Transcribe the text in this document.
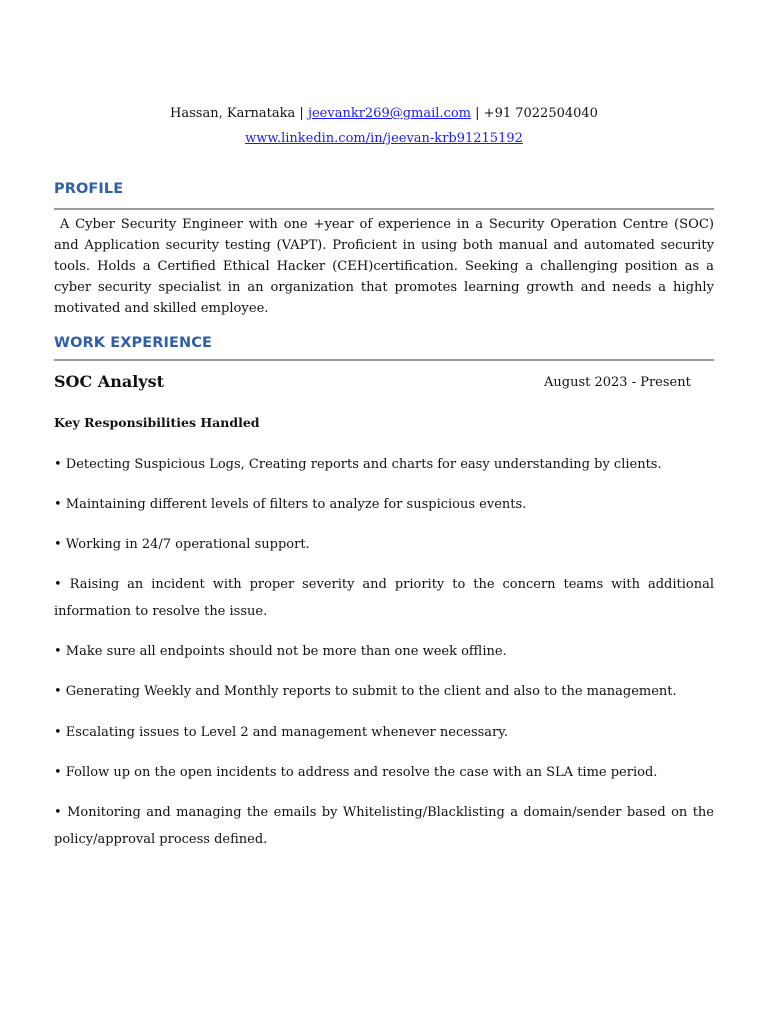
Hassan, Karnataka | jeevankr269@gmail.com | +91 7022504040
www.linkedin.com/in/jeevan-krb91215192
PROFILE
A Cyber Security Engineer with one +year of experience in a Security Operation Centre (SOC) and Application security testing (VAPT). Proficient in using both manual and automated security tools. Holds a Certified Ethical Hacker (CEH)certification. Seeking a challenging position as a cyber security specialist in an organization that promotes learning growth and needs a highly motivated and skilled employee.
WORK EXPERIENCE
SOC Analyst	August 2023 - Present
Key Responsibilities Handled
• Detecting Suspicious Logs, Creating reports and charts for easy understanding by clients.
• Maintaining different levels of filters to analyze for suspicious events.
• Working in 24/7 operational support.
• Raising an incident with proper severity and priority to the concern teams with additional information to resolve the issue.
• Make sure all endpoints should not be more than one week offline.
• Generating Weekly and Monthly reports to submit to the client and also to the management.
• Escalating issues to Level 2 and management whenever necessary.
• Follow up on the open incidents to address and resolve the case with an SLA time period.
• Monitoring and managing the emails by Whitelisting/Blacklisting a domain/sender based on the policy/approval process defined.
